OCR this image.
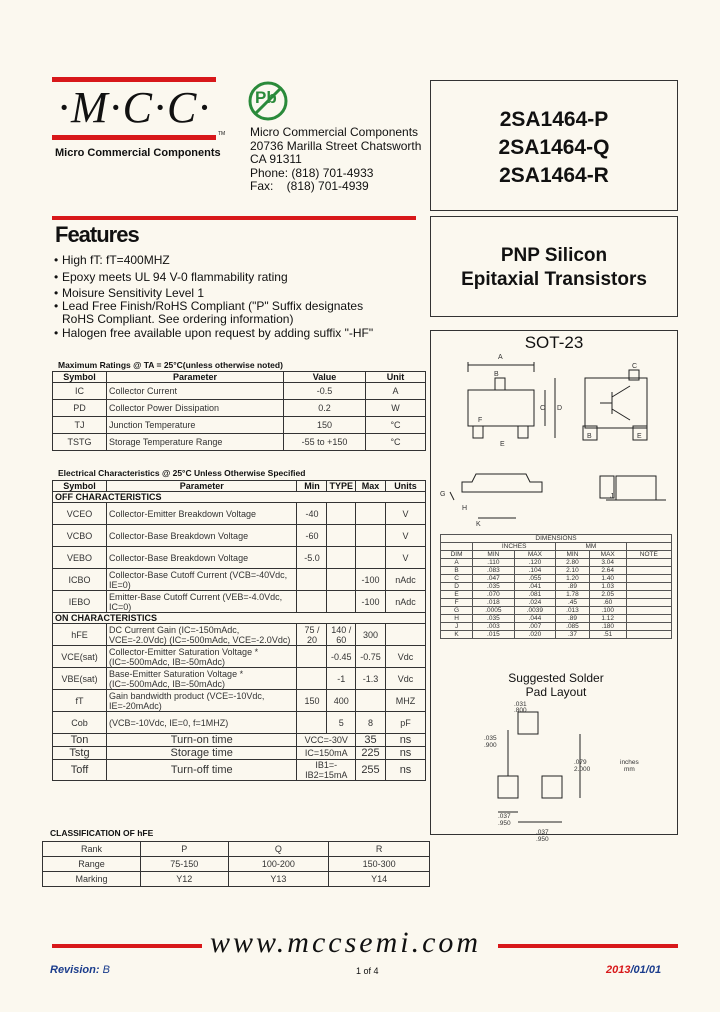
·M·C·C·
TM
Micro Commercial Components
Pb
Micro Commercial Components
20736 Marilla Street Chatsworth
CA 91311
Phone: (818) 701-4933
Fax:    (818) 701-4939
2SA1464-P
2SA1464-Q
2SA1464-R
Features
• High fT: fT=400MHZ
• Epoxy meets UL 94 V-0 flammability rating
• Moisure Sensitivity Level 1
• Lead Free Finish/RoHS Compliant ("P" Suffix designates
RoHS Compliant. See ordering information)
• Halogen free available upon request by adding suffix "-HF"
PNP Silicon
Epitaxial Transistors
SOT-23
A
B
C D
E
F
C
B	E
G
K
H
J
DIMENSIONS					
	INCHES		MM		
DIM	MIN	MAX	MIN	MAX	NOTE
A	.110	.120	2.80	3.04	
B	.083	.104	2.10	2.64	
C	.047	.055	1.20	1.40	
D	.035	.041	.89	1.03	
E	.070	.081	1.78	2.05	
F	.018	.024	.45	.60	
G	.0005	.0039	.013	.100	
H	.035	.044	.89	1.12	
J	.003	.007	.085	.180	
K	.015	.020	.37	.51	
Suggested Solder
Pad Layout
.031
.800
.035
.900
.079
2.000
inches
mm
.037
.950
.037
.950
Maximum Ratings @ TA = 25°C(unless otherwise noted)
Symbol	Parameter	Value	Unit
IC	Collector Current	-0.5	A
PD	Collector Power Dissipation	0.2	W
TJ	Junction Temperature	150	°C
TSTG	Storage Temperature Range	-55 to +150	°C
Electrical Characteristics @ 25°C Unless Otherwise Specified
Symbol	Parameter	Min	TYPE	Max	Units
OFF CHARACTERISTICS					
VCEO	Collector-Emitter Breakdown Voltage	-40			V
VCBO	Collector-Base Breakdown Voltage	-60			V
VEBO	Collector-Base Breakdown Voltage	-5.0			V
ICBO	Collector-Base Cutoff Current (VCB=-40Vdc, IE=0)			-100	nAdc
IEBO	Emitter-Base Cutoff Current (VEB=-4.0Vdc, IC=0)			-100	nAdc
ON CHARACTERISTICS					
hFE	DC Current Gain (IC=-150mAdc, VCE=-2.0Vdc) (IC=-500mAdc, VCE=-2.0Vdc)	75 / 20	140 / 60	300	
VCE(sat)	Collector-Emitter Saturation Voltage * (IC=-500mAdc, IB=-50mAdc)		-0.45	-0.75	Vdc
VBE(sat)	Base-Emitter Saturation Voltage * (IC=-500mAdc, IB=-50mAdc)		-1	-1.3	Vdc
fT	Gain bandwidth product (VCE=-10Vdc, IE=-20mAdc)	150	400		MHZ
Cob	(VCB=-10Vdc, IE=0, f=1MHZ)		5	8	pF
Ton	Turn-on time	VCC=-30V		35	ns
Tstg	Storage time	IC=150mA		225	ns
Toff	Turn-off time	IB1=-IB2=15mA		255	ns
CLASSIFICATION OF hFE
Rank	P	Q	R
Range	75-150	100-200	150-300
Marking	Y12	Y13	Y14
www.mccsemi.com
Revision: B	1 of 4	2013/01/01
